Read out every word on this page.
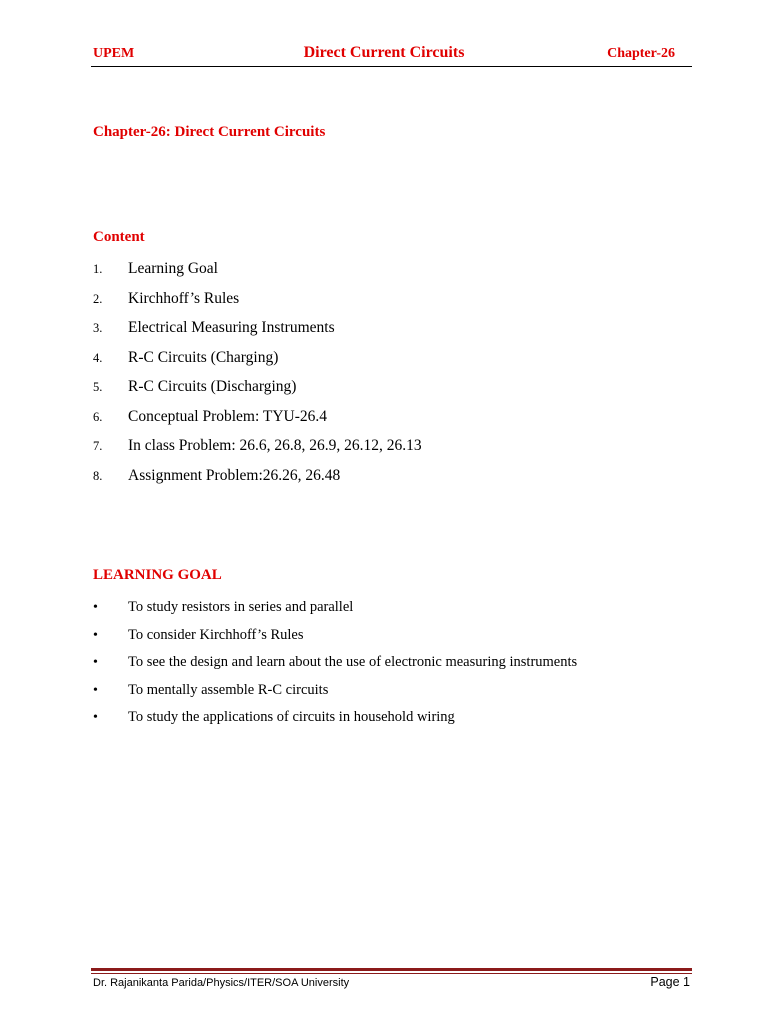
UPEM	Direct Current Circuits	Chapter-26
Chapter-26: Direct Current Circuits
Content
1.	Learning Goal
2.	Kirchhoff’s Rules
3.	Electrical Measuring Instruments
4.	R-C Circuits (Charging)
5.	R-C Circuits (Discharging)
6.	Conceptual Problem: TYU-26.4
7.	In class Problem: 26.6, 26.8, 26.9, 26.12, 26.13
8.	Assignment Problem:26.26, 26.48
LEARNING GOAL
•	To study resistors in series and parallel
•	To consider Kirchhoff’s Rules
•	To see the design and learn about the use of electronic measuring instruments
•	To mentally assemble R-C circuits
•	To study the applications of circuits in household wiring
Dr. Rajanikanta Parida/Physics/ITER/SOA University	Page 1
